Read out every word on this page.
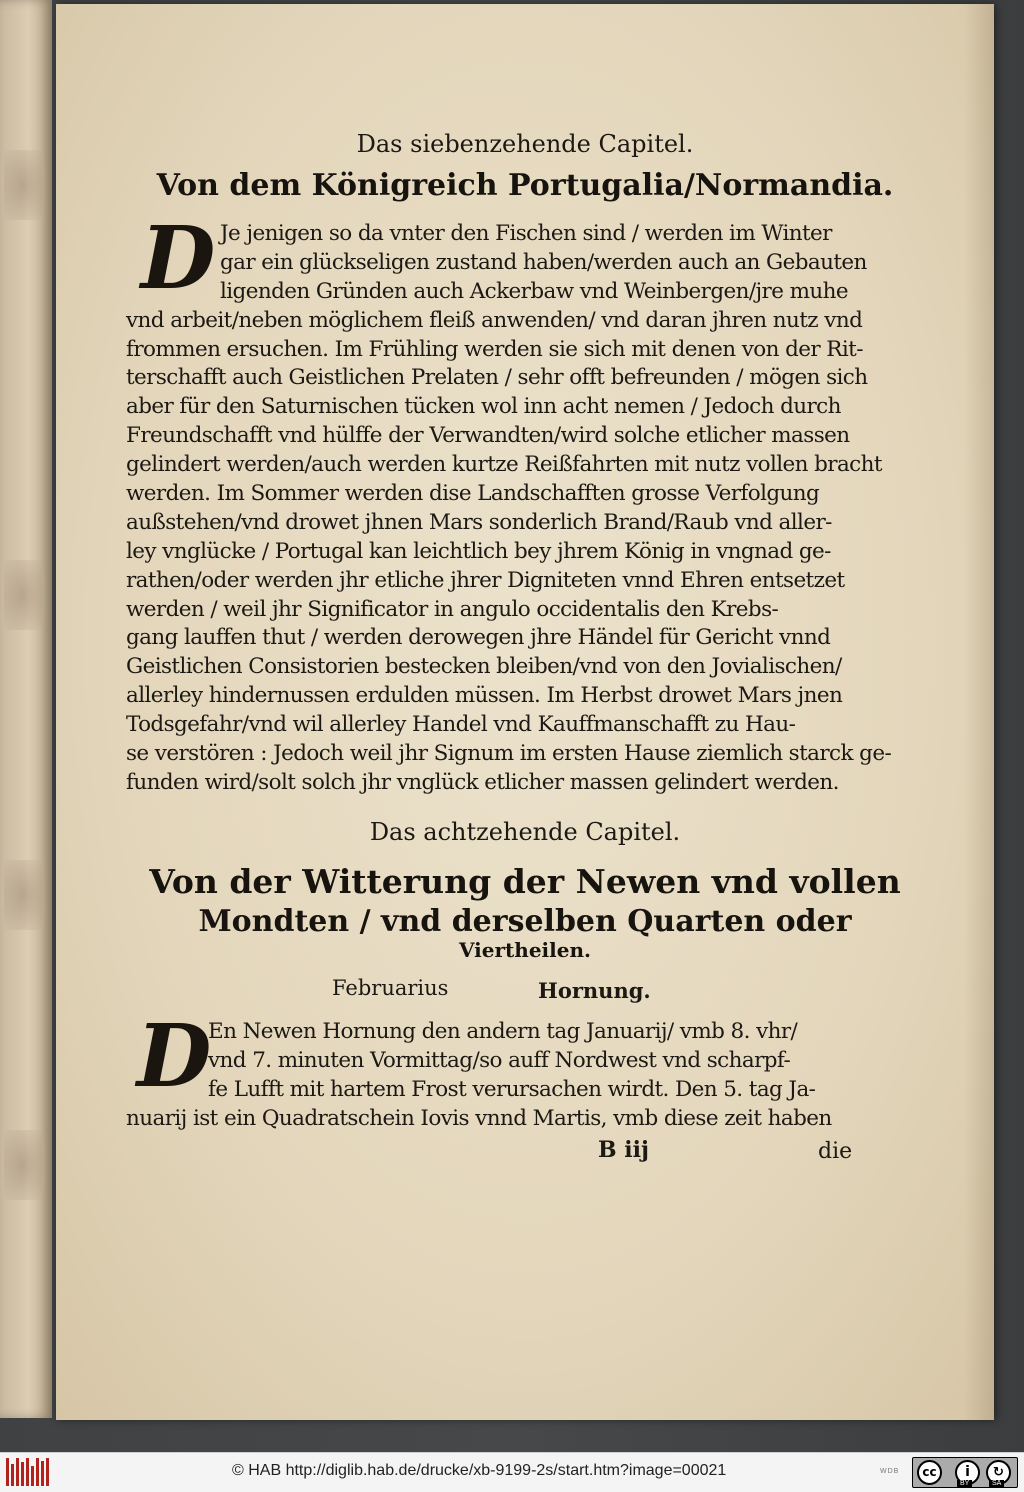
Das siebenzehende Capitel.
Von dem Königreich Portugalia/Normandia.
D Je jenigen so da vnter den Fischen sind / werden im Winter
gar ein glückseligen zustand haben/werden auch an Gebauten
ligenden Gründen auch Ackerbaw vnd Weinbergen/jre muhe
vnd arbeit/neben möglichem fleiß anwenden/ vnd daran jhren nutz vnd
frommen ersuchen. Im Frühling werden sie sich mit denen von der Rit-
terschafft auch Geistlichen Prelaten / sehr offt befreunden / mögen sich
aber für den Saturnischen tücken wol inn acht nemen / Jedoch durch
Freundschafft vnd hülffe der Verwandten/wird solche etlicher massen
gelindert werden/auch werden kurtze Reißfahrten mit nutz vollen bracht
werden. Im Sommer werden dise Landschafften grosse Verfolgung
außstehen/vnd drowet jhnen Mars sonderlich Brand/Raub vnd aller-
ley vnglücke / Portugal kan leichtlich bey jhrem König in vngnad ge-
rathen/oder werden jhr etliche jhrer Digniteten vnnd Ehren entsetzet
werden / weil jhr Significator in angulo occidentalis den Krebs-
gang lauffen thut / werden derowegen jhre Händel für Gericht vnnd
Geistlichen Consistorien bestecken bleiben/vnd von den Jovialischen/
allerley hindernussen erdulden müssen. Im Herbst drowet Mars jnen
Todsgefahr/vnd wil allerley Handel vnd Kauffmanschafft zu Hau-
se verstören : Jedoch weil jhr Signum im ersten Hause ziemlich starck ge-
funden wird/solt solch jhr vnglück etlicher massen gelindert werden.
Das achtzehende Capitel.
Von der Witterung der Newen vnd vollen
Mondten / vnd derselben Quarten oder
Viertheilen.
Februarius	Hornung.
D
En Newen Hornung den andern tag Januarij/ vmb 8. vhr/
vnd 7. minuten Vormittag/so auff Nordwest vnd scharpf-
fe Lufft mit hartem Frost verursachen wirdt. Den 5. tag Ja-
nuarij ist ein Quadratschein Iovis vnnd Martis, vmb diese zeit haben
B iij	die
© HAB http://diglib.hab.de/drucke/xb-9199-2s/start.htm?image=00021	WDB	cc	i	↻
BY	SA
